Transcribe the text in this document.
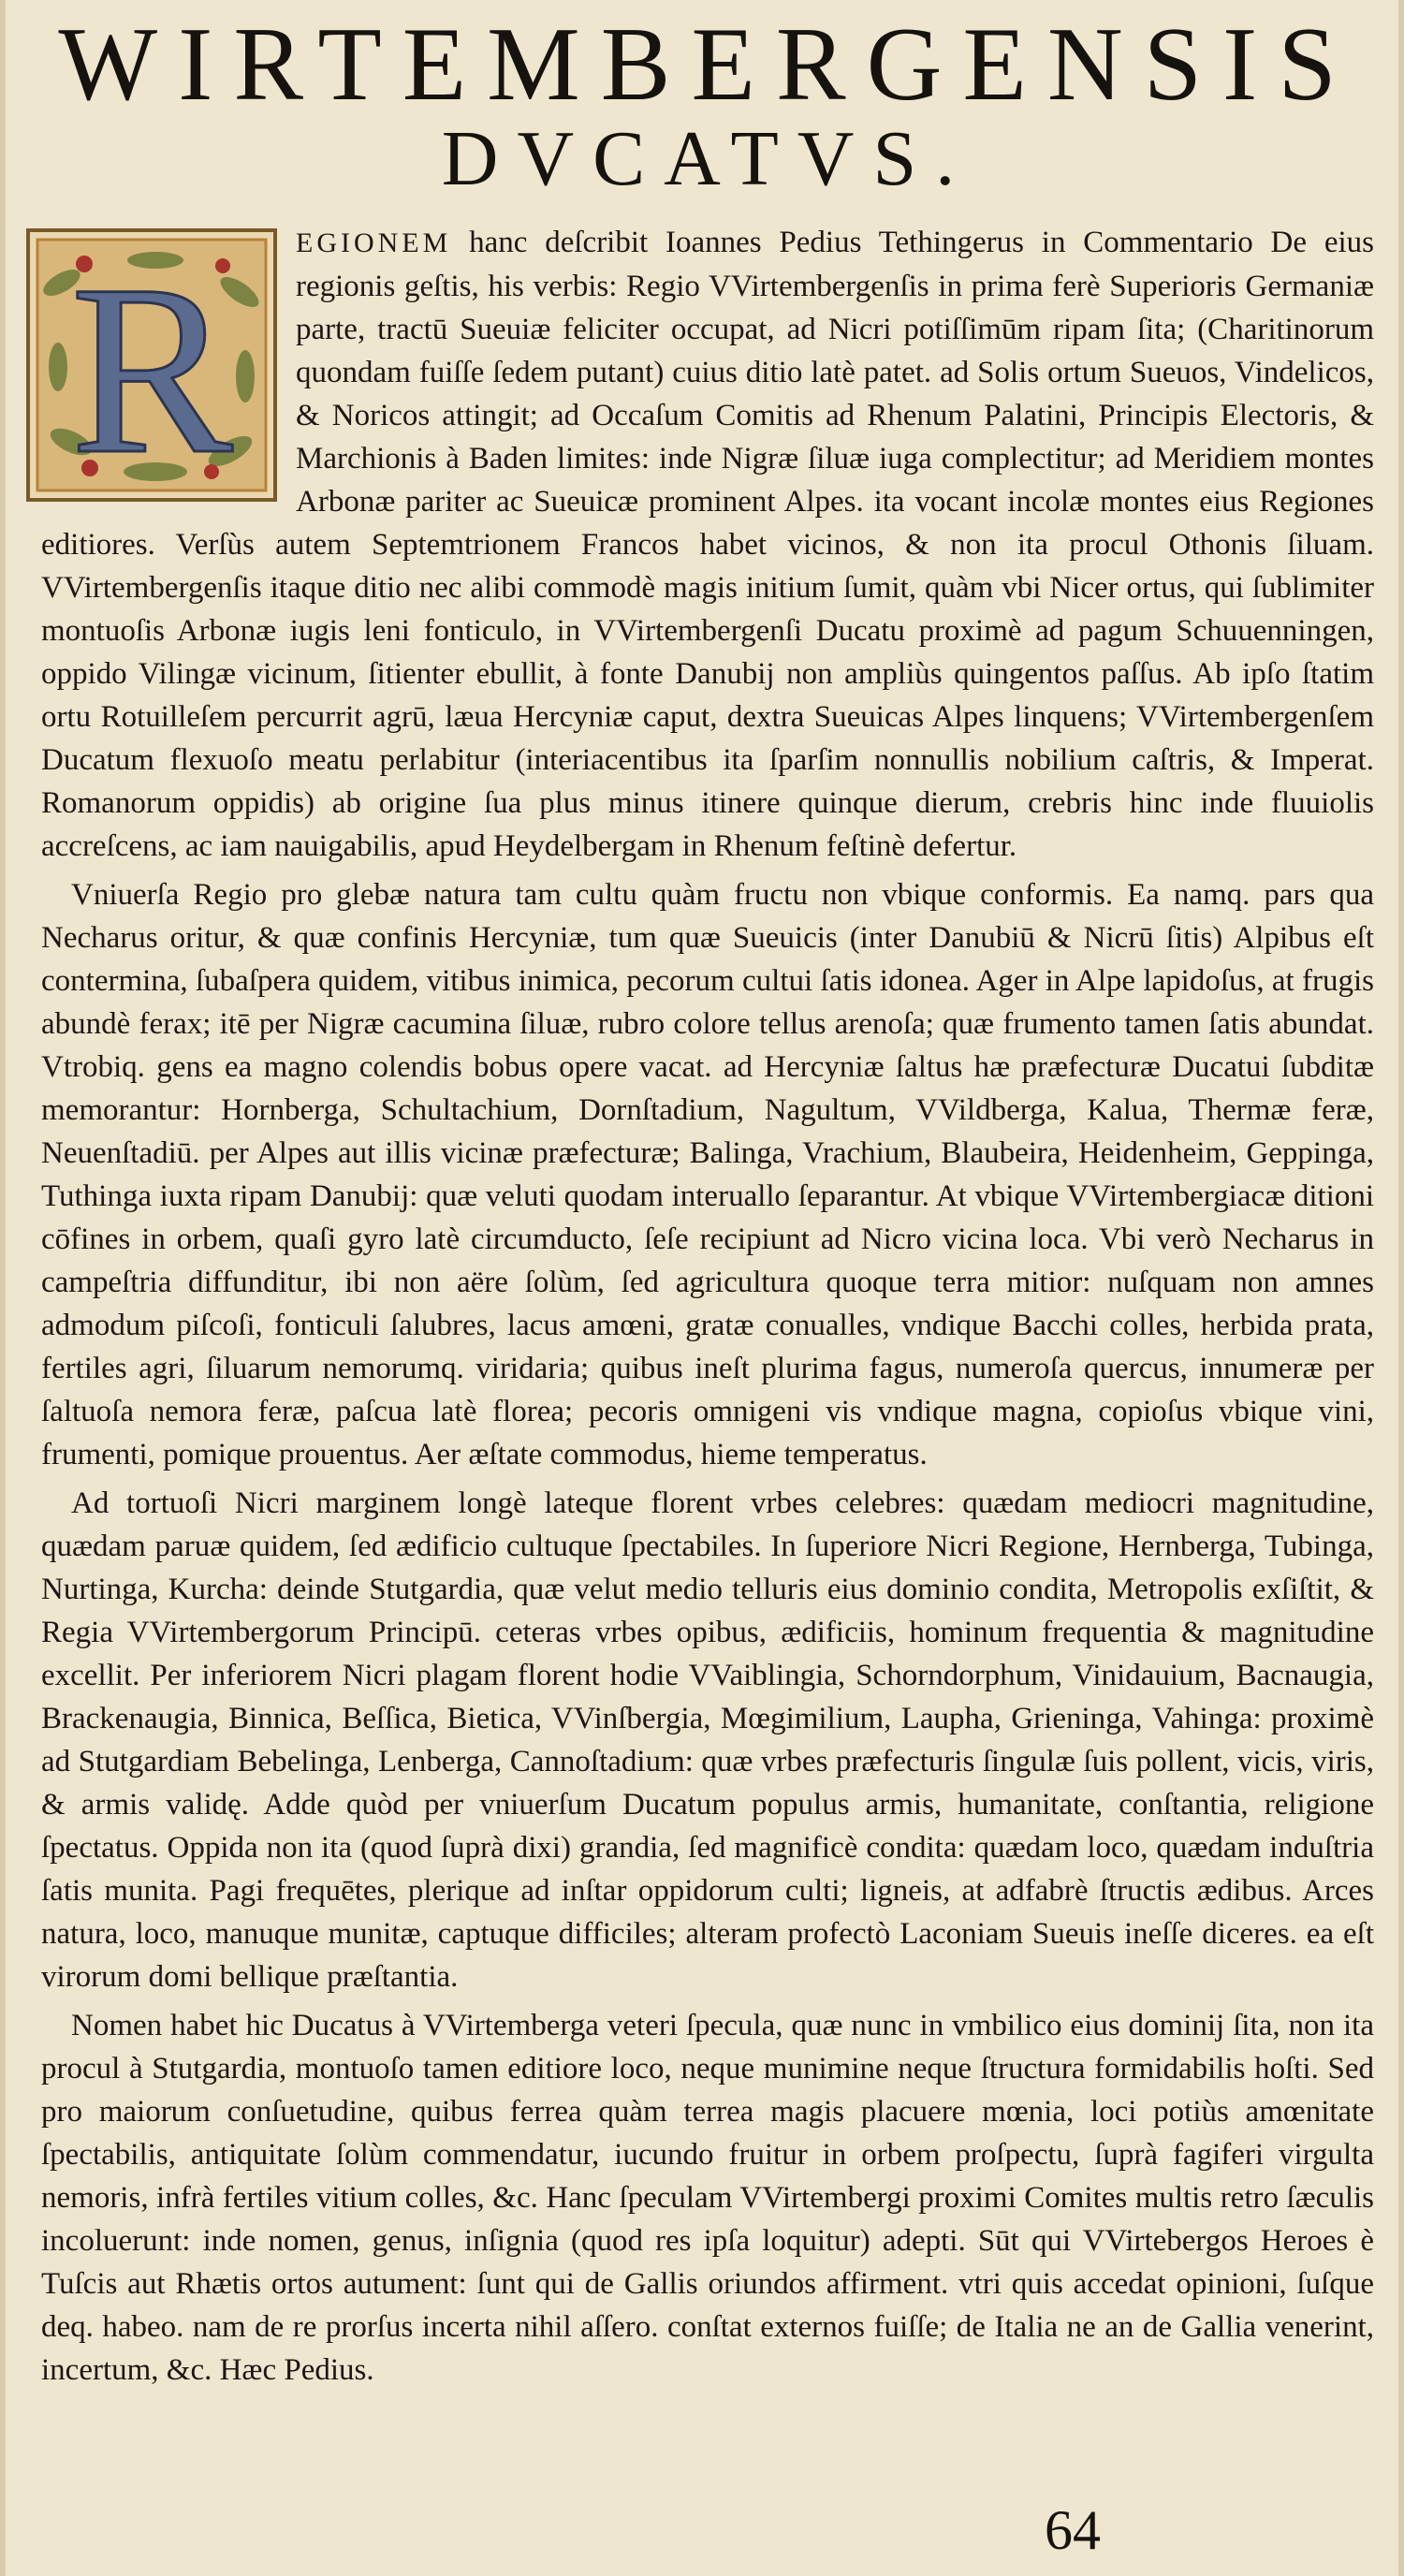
WIRTEMBERGENSIS
DVCATVS.

R EGIONEM hanc deſcribit Ioannes Pedius Tethingerus in Commentario De eius regionis geſtis, his verbis: Regio VVirtembergenſis in prima ferè Superioris Germaniæ parte, tractū Sueuiæ feliciter occupat, ad Nicri potiſſimūm ripam ſita; (Charitinorum quondam fuiſſe ſedem putant) cuius ditio latè patet. ad Solis ortum Sueuos, Vindelicos, & Noricos attingit; ad Occaſum Comitis ad Rhenum Palatini, Principis Electoris, & Marchionis à Baden limites: inde Nigræ ſiluæ iuga complectitur; ad Meridiem montes Arbonæ pariter ac Sueuicæ prominent Alpes. ita vocant incolæ montes eius Regiones editiores. Verſùs autem Septemtrionem Francos habet vicinos, & non ita procul Othonis ſiluam. VVirtembergenſis itaque ditio nec alibi commodè magis initium ſumit, quàm vbi Nicer ortus, qui ſublimiter montuoſis Arbonæ iugis leni fonticulo, in VVirtembergenſi Ducatu proximè ad pagum Schuuenningen, oppido Vilingæ vicinum, ſitienter ebullit, à fonte Danubij non ampliùs quingentos paſſus. Ab ipſo ſtatim ortu Rotuilleſem percurrit agrū, læua Hercyniæ caput, dextra Sueuicas Alpes linquens; VVirtembergenſem Ducatum flexuoſo meatu perlabitur (interiacentibus ita ſparſim nonnullis nobilium caſtris, & Imperat. Romanorum oppidis) ab origine ſua plus minus itinere quinque dierum, crebris hinc inde fluuiolis accreſcens, ac iam nauigabilis, apud Heydelbergam in Rhenum feſtinè defertur.

Vniuerſa Regio pro glebæ natura tam cultu quàm fructu non vbique conformis. Ea namq. pars qua Necharus oritur, & quæ confinis Hercyniæ, tum quæ Sueuicis (inter Danubiū & Nicrū ſitis) Alpibus eſt contermina, ſubaſpera quidem, vitibus inimica, pecorum cultui ſatis idonea. Ager in Alpe lapidoſus, at frugis abundè ferax; itē per Nigræ cacumina ſiluæ, rubro colore tellus arenoſa; quæ frumento tamen ſatis abundat. Vtrobiq. gens ea magno colendis bobus opere vacat. ad Hercyniæ ſaltus hæ præfecturæ Ducatui ſubditæ memorantur: Hornberga, Schultachium, Dornſtadium, Nagultum, VVildberga, Kalua, Thermæ feræ, Neuenſtadiū. per Alpes aut illis vicinæ præfecturæ; Balinga, Vrachium, Blaubeira, Heidenheim, Geppinga, Tuthinga iuxta ripam Danubij: quæ veluti quodam interuallo ſeparantur. At vbique VVirtembergiacæ ditioni cōfines in orbem, quaſi gyro latè circumducto, ſeſe recipiunt ad Nicro vicina loca. Vbi verò Necharus in campeſtria diffunditur, ibi non aëre ſolùm, ſed agricultura quoque terra mitior: nuſquam non amnes admodum piſcoſi, fonticuli ſalubres, lacus amœni, gratæ conualles, vndique Bacchi colles, herbida prata, fertiles agri, ſiluarum nemorumq. viridaria; quibus ineſt plurima fagus, numeroſa quercus, innumeræ per ſaltuoſa nemora feræ, paſcua latè florea; pecoris omnigeni vis vndique magna, copioſus vbique vini, frumenti, pomique prouentus. Aer æſtate commodus, hieme temperatus.

Ad tortuoſi Nicri marginem longè lateque florent vrbes celebres: quædam mediocri magnitudine, quædam paruæ quidem, ſed ædificio cultuque ſpectabiles. In ſuperiore Nicri Regione, Hernberga, Tubinga, Nurtinga, Kurcha: deinde Stutgardia, quæ velut medio telluris eius dominio condita, Metropolis exſiſtit, & Regia VVirtembergorum Principū. ceteras vrbes opibus, ædificiis, hominum frequentia & magnitudine excellit. Per inferiorem Nicri plagam florent hodie VVaiblingia, Schorndorphum, Vinidauium, Bacnaugia, Brackenaugia, Binnica, Beſſica, Bietica, VVinſbergia, Mœgimilium, Laupha, Grieninga, Vahinga: proximè ad Stutgardiam Bebelinga, Lenberga, Cannoſtadium: quæ vrbes præfecturis ſingulæ ſuis pollent, vicis, viris, & armis validę. Adde quòd per vniuerſum Ducatum populus armis, humanitate, conſtantia, religione ſpectatus. Oppida non ita (quod ſuprà dixi) grandia, ſed magnificè condita: quædam loco, quædam induſtria ſatis munita. Pagi frequētes, plerique ad inſtar oppidorum culti; ligneis, at adfabrè ſtructis ædibus. Arces natura, loco, manuque munitæ, captuque difficiles; alteram profectò Laconiam Sueuis ineſſe diceres. ea eſt virorum domi bellique præſtantia.

Nomen habet hic Ducatus à VVirtemberga veteri ſpecula, quæ nunc in vmbilico eius dominij ſita, non ita procul à Stutgardia, montuoſo tamen editiore loco, neque munimine neque ſtructura formidabilis hoſti. Sed pro maiorum conſuetudine, quibus ferrea quàm terrea magis placuere mœnia, loci potiùs amœnitate ſpectabilis, antiquitate ſolùm commendatur, iucundo fruitur in orbem proſpectu, ſuprà fagiferi virgulta nemoris, infrà fertiles vitium colles, &c. Hanc ſpeculam VVirtembergi proximi Comites multis retro ſæculis incoluerunt: inde nomen, genus, inſignia (quod res ipſa loquitur) adepti. Sūt qui VVirtebergos Heroes è Tuſcis aut Rhætis ortos autument: ſunt qui de Gallis oriundos affirment. vtri quis accedat opinioni, ſuſque deq. habeo. nam de re prorſus incerta nihil aſſero. conſtat externos fuiſſe; de Italia ne an de Gallia venerint, incertum, &c. Hæc Pedius.

64
